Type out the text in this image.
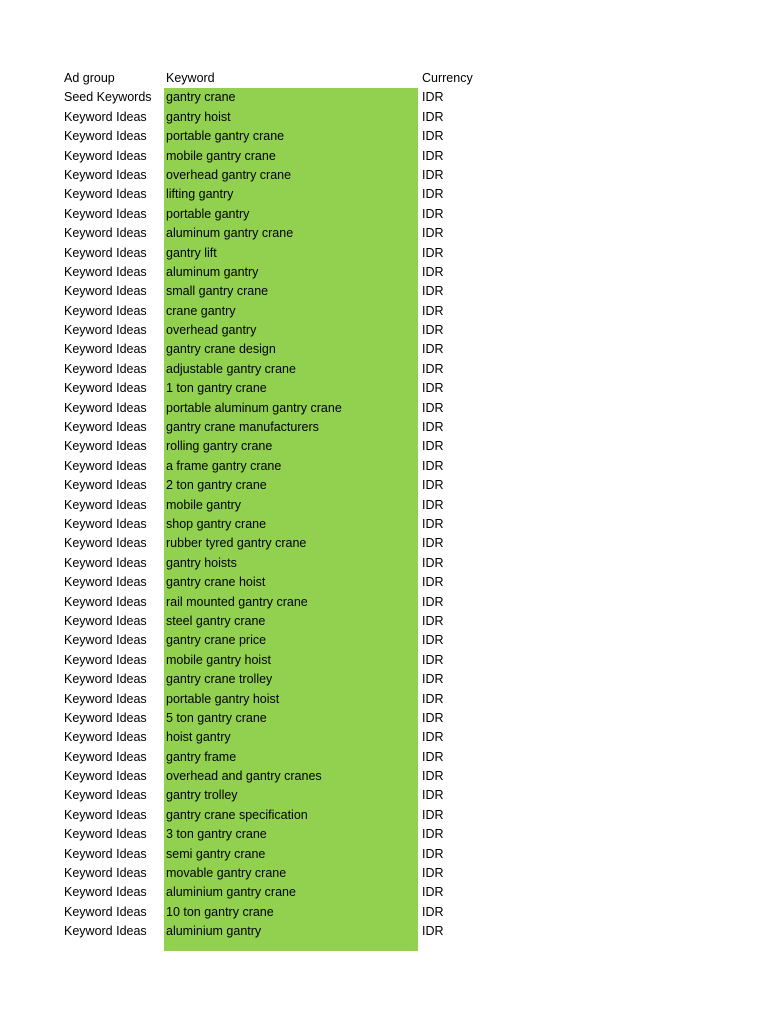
Ad group	Keyword	Currency
Seed Keywords	gantry crane	IDR
Keyword Ideas	gantry hoist	IDR
Keyword Ideas	portable gantry crane	IDR
Keyword Ideas	mobile gantry crane	IDR
Keyword Ideas	overhead gantry crane	IDR
Keyword Ideas	lifting gantry	IDR
Keyword Ideas	portable gantry	IDR
Keyword Ideas	aluminum gantry crane	IDR
Keyword Ideas	gantry lift	IDR
Keyword Ideas	aluminum gantry	IDR
Keyword Ideas	small gantry crane	IDR
Keyword Ideas	crane gantry	IDR
Keyword Ideas	overhead gantry	IDR
Keyword Ideas	gantry crane design	IDR
Keyword Ideas	adjustable gantry crane	IDR
Keyword Ideas	1 ton gantry crane	IDR
Keyword Ideas	portable aluminum gantry crane	IDR
Keyword Ideas	gantry crane manufacturers	IDR
Keyword Ideas	rolling gantry crane	IDR
Keyword Ideas	a frame gantry crane	IDR
Keyword Ideas	2 ton gantry crane	IDR
Keyword Ideas	mobile gantry	IDR
Keyword Ideas	shop gantry crane	IDR
Keyword Ideas	rubber tyred gantry crane	IDR
Keyword Ideas	gantry hoists	IDR
Keyword Ideas	gantry crane hoist	IDR
Keyword Ideas	rail mounted gantry crane	IDR
Keyword Ideas	steel gantry crane	IDR
Keyword Ideas	gantry crane price	IDR
Keyword Ideas	mobile gantry hoist	IDR
Keyword Ideas	gantry crane trolley	IDR
Keyword Ideas	portable gantry hoist	IDR
Keyword Ideas	5 ton gantry crane	IDR
Keyword Ideas	hoist gantry	IDR
Keyword Ideas	gantry frame	IDR
Keyword Ideas	overhead and gantry cranes	IDR
Keyword Ideas	gantry trolley	IDR
Keyword Ideas	gantry crane specification	IDR
Keyword Ideas	3 ton gantry crane	IDR
Keyword Ideas	semi gantry crane	IDR
Keyword Ideas	movable gantry crane	IDR
Keyword Ideas	aluminium gantry crane	IDR
Keyword Ideas	10 ton gantry crane	IDR
Keyword Ideas	aluminium gantry	IDR
